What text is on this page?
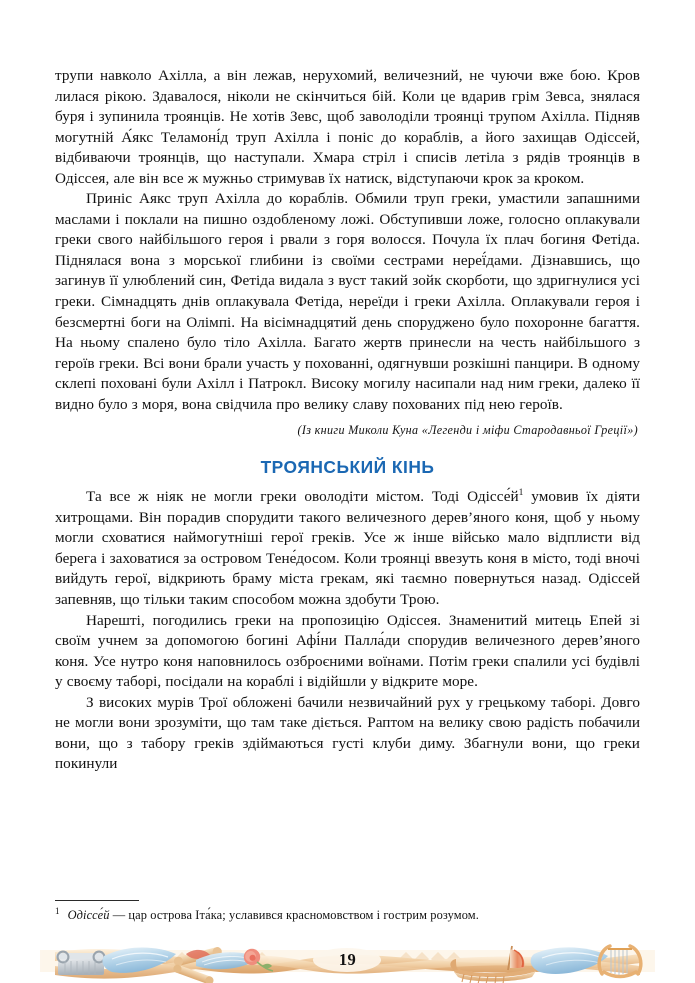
трупи навколо Ахілла, а він лежав, нерухомий, величезний, не чуючи вже бою. Кров лилася рікою. Здавалося, ніколи не скінчиться бій. Коли це вдарив грім Зевса, знялася буря і зупинила троянців. Не хотів Зевс, щоб заволоділи троянці трупом Ахілла. Підняв могутній А́якс Теламоні́д труп Ахілла і поніс до кораблів, а його захищав Одіссей, відбиваючи троянців, що наступали. Хмара стріл і списів летіла з рядів троянців в Одіссея, але він все ж мужньо стримував їх натиск, відступаючи крок за кроком.

Приніс Аякс труп Ахілла до кораблів. Обмили труп греки, умастили запашними маслами і поклали на пишно оздобленому ложі. Обступивши ложе, голосно оплакували греки свого найбільшого героя і рвали з горя волосся. Почула їх плач богиня Фетіда. Піднялася вона з морської глибини із своїми сестрами нереї́дами. Дізнавшись, що загинув її улюблений син, Фетіда видала з вуст такий зойк скорботи, що здригнулися усі греки. Сімнадцять днів оплакувала Фетіда, нереїди і греки Ахілла. Оплакували героя і безсмертні боги на Олімпі. На вісімнадцятий день споруджено було похоронне багаття. На ньому спалено було тіло Ахілла. Багато жертв принесли на честь найбільшого з героїв греки. Всі вони брали участь у похованні, одягнувши розкішні панцири. В одному склепі поховані були Ахілл і Патрокл. Високу могилу насипали над ним греки, далеко її видно було з моря, вона свідчила про велику славу похованих під нею героїв.

(Із книги Миколи Куна «Легенди і міфи Стародавньої Греції»)

ТРОЯНСЬКИЙ КІНЬ

Та все ж ніяк не могли греки оволодіти містом. Тоді Одіссе́й$^1$ умовив їх діяти хитрощами. Він порадив спорудити такого величезного дерев’яного коня, щоб у ньому могли сховатися наймогутніші герої греків. Усе ж інше військо мало відплисти від берега і заховатися за островом Тене́досом. Коли троянці ввезуть коня в місто, тоді вночі вийдуть герої, відкриють браму міста грекам, які таємно повернуться назад. Одіссей запевняв, що тільки таким способом можна здобути Трою.

Нарешті, погодились греки на пропозицію Одіссея. Знаменитий митець Епей зі своїм учнем за допомогою богині Афі́ни Палла́ди спорудив величезного дерев’яного коня. Усе нутро коня наповнилось озброєними воїнами. Потім греки спалили усі будівлі у своєму таборі, посідали на кораблі і відійшли у відкрите море.

З високих мурів Трої обложені бачили незвичайний рух у грецькому таборі. Довго не могли вони зрозуміти, що там таке діється. Раптом на велику свою радість побачили вони, що з табору греків здіймаються густі клуби диму. Збагнули вони, що греки покинули

$^1$ Одіссе́й — цар острова Іта́ка; уславився красномовством і гострим розумом.

19
